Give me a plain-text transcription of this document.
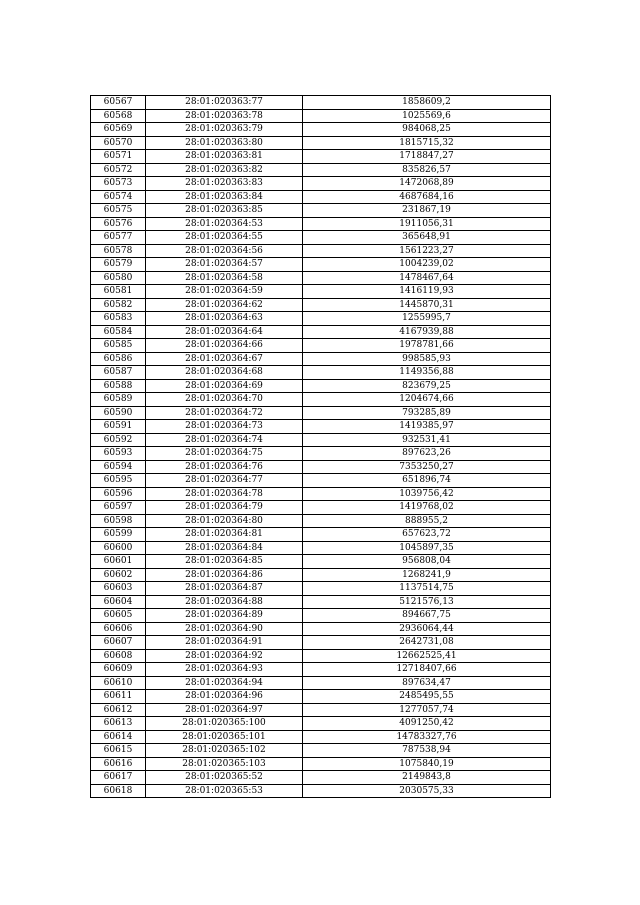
60567	28:01:020363:77	1858609,2
60568	28:01:020363:78	1025569,6
60569	28:01:020363:79	984068,25
60570	28:01:020363:80	1815715,32
60571	28:01:020363:81	1718847,27
60572	28:01:020363:82	835826,57
60573	28:01:020363:83	1472068,89
60574	28:01:020363:84	4687684,16
60575	28:01:020363:85	231867,19
60576	28:01:020364:53	1911056,31
60577	28:01:020364:55	365648,91
60578	28:01:020364:56	1561223,27
60579	28:01:020364:57	1004239,02
60580	28:01:020364:58	1478467,64
60581	28:01:020364:59	1416119,93
60582	28:01:020364:62	1445870,31
60583	28:01:020364:63	1255995,7
60584	28:01:020364:64	4167939,88
60585	28:01:020364:66	1978781,66
60586	28:01:020364:67	998585,93
60587	28:01:020364:68	1149356,88
60588	28:01:020364:69	823679,25
60589	28:01:020364:70	1204674,66
60590	28:01:020364:72	793285,89
60591	28:01:020364:73	1419385,97
60592	28:01:020364:74	932531,41
60593	28:01:020364:75	897623,26
60594	28:01:020364:76	7353250,27
60595	28:01:020364:77	651896,74
60596	28:01:020364:78	1039756,42
60597	28:01:020364:79	1419768,02
60598	28:01:020364:80	888955,2
60599	28:01:020364:81	657623,72
60600	28:01:020364:84	1045897,35
60601	28:01:020364:85	956808,04
60602	28:01:020364:86	1268241,9
60603	28:01:020364:87	1137514,75
60604	28:01:020364:88	5121576,13
60605	28:01:020364:89	894667,75
60606	28:01:020364:90	2936064,44
60607	28:01:020364:91	2642731,08
60608	28:01:020364:92	12662525,41
60609	28:01:020364:93	12718407,66
60610	28:01:020364:94	897634,47
60611	28:01:020364:96	2485495,55
60612	28:01:020364:97	1277057,74
60613	28:01:020365:100	4091250,42
60614	28:01:020365:101	14783327,76
60615	28:01:020365:102	787538,94
60616	28:01:020365:103	1075840,19
60617	28:01:020365:52	2149843,8
60618	28:01:020365:53	2030575,33
